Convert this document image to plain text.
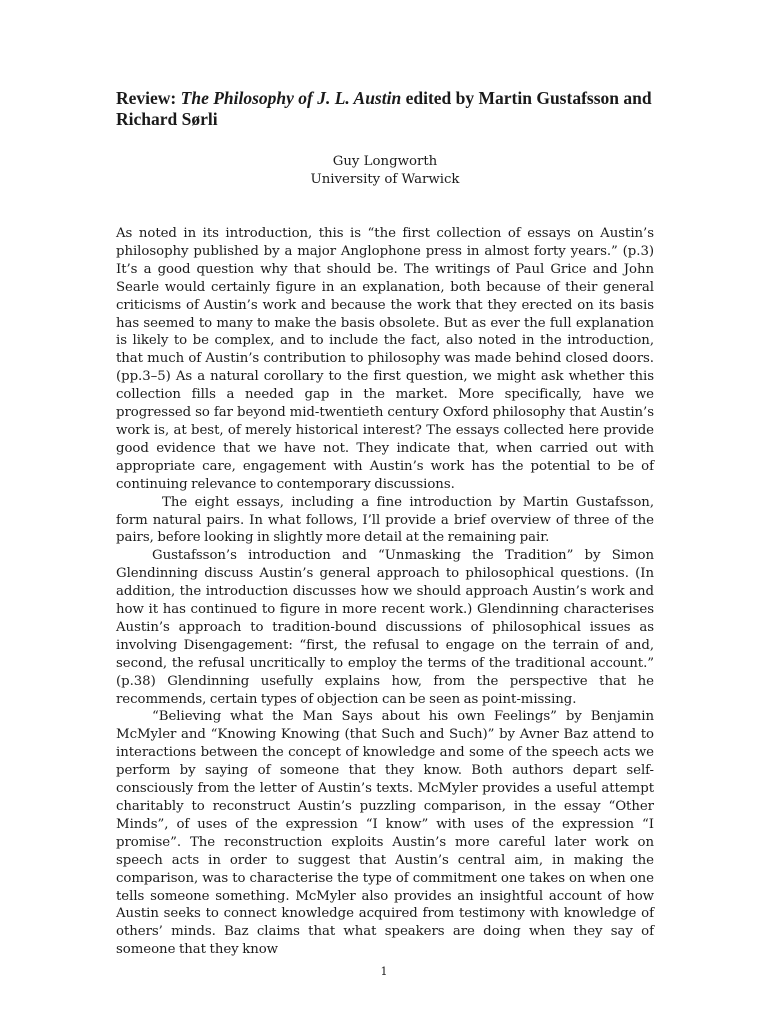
Review: The Philosophy of J. L. Austin edited by Martin Gustafsson and Richard Sørli
Guy Longworth
University of Warwick

As noted in its introduction, this is “the first collection of essays on Austin’s philosophy published by a major Anglophone press in almost forty years.” (p.3) It’s a good question why that should be. The writings of Paul Grice and John Searle would certainly figure in an explanation, both because of their general criticisms of Austin’s work and because the work that they erected on its basis has seemed to many to make the basis obsolete. But as ever the full explanation is likely to be complex, and to include the fact, also noted in the introduction, that much of Austin’s contribution to philosophy was made behind closed doors. (pp.3–5) As a natural corollary to the first question, we might ask whether this collection fills a needed gap in the market. More specifically, have we progressed so far beyond mid-twentieth century Oxford philosophy that Austin’s work is, at best, of merely historical interest? The essays collected here provide good evidence that we have not. They indicate that, when carried out with appropriate care, engagement with Austin’s work has the potential to be of continuing relevance to contemporary discussions.

The eight essays, including a fine introduction by Martin Gustafsson, form natural pairs. In what follows, I’ll provide a brief overview of three of the pairs, before looking in slightly more detail at the remaining pair.

Gustafsson’s introduction and “Unmasking the Tradition” by Simon Glendinning discuss Austin’s general approach to philosophical questions. (In addition, the introduction discusses how we should approach Austin’s work and how it has continued to figure in more recent work.) Glendinning characterises Austin’s approach to tradition-bound discussions of philosophical issues as involving Disengagement: “first, the refusal to engage on the terrain of and, second, the refusal uncritically to employ the terms of the traditional account.” (p.38) Glendinning usefully explains how, from the perspective that he recommends, certain types of objection can be seen as point-missing.

“Believing what the Man Says about his own Feelings” by Benjamin McMyler and “Knowing Knowing (that Such and Such)” by Avner Baz attend to interactions between the concept of knowledge and some of the speech acts we perform by saying of someone that they know. Both authors depart self-consciously from the letter of Austin’s texts. McMyler provides a useful attempt charitably to reconstruct Austin’s puzzling comparison, in the essay “Other Minds”, of uses of the expression “I know” with uses of the expression “I promise”. The reconstruction exploits Austin’s more careful later work on speech acts in order to suggest that Austin’s central aim, in making the comparison, was to characterise the type of commitment one takes on when one tells someone something. McMyler also provides an insightful account of how Austin seeks to connect knowledge acquired from testimony with knowledge of others’ minds. Baz claims that what speakers are doing when they say of someone that they know

1
